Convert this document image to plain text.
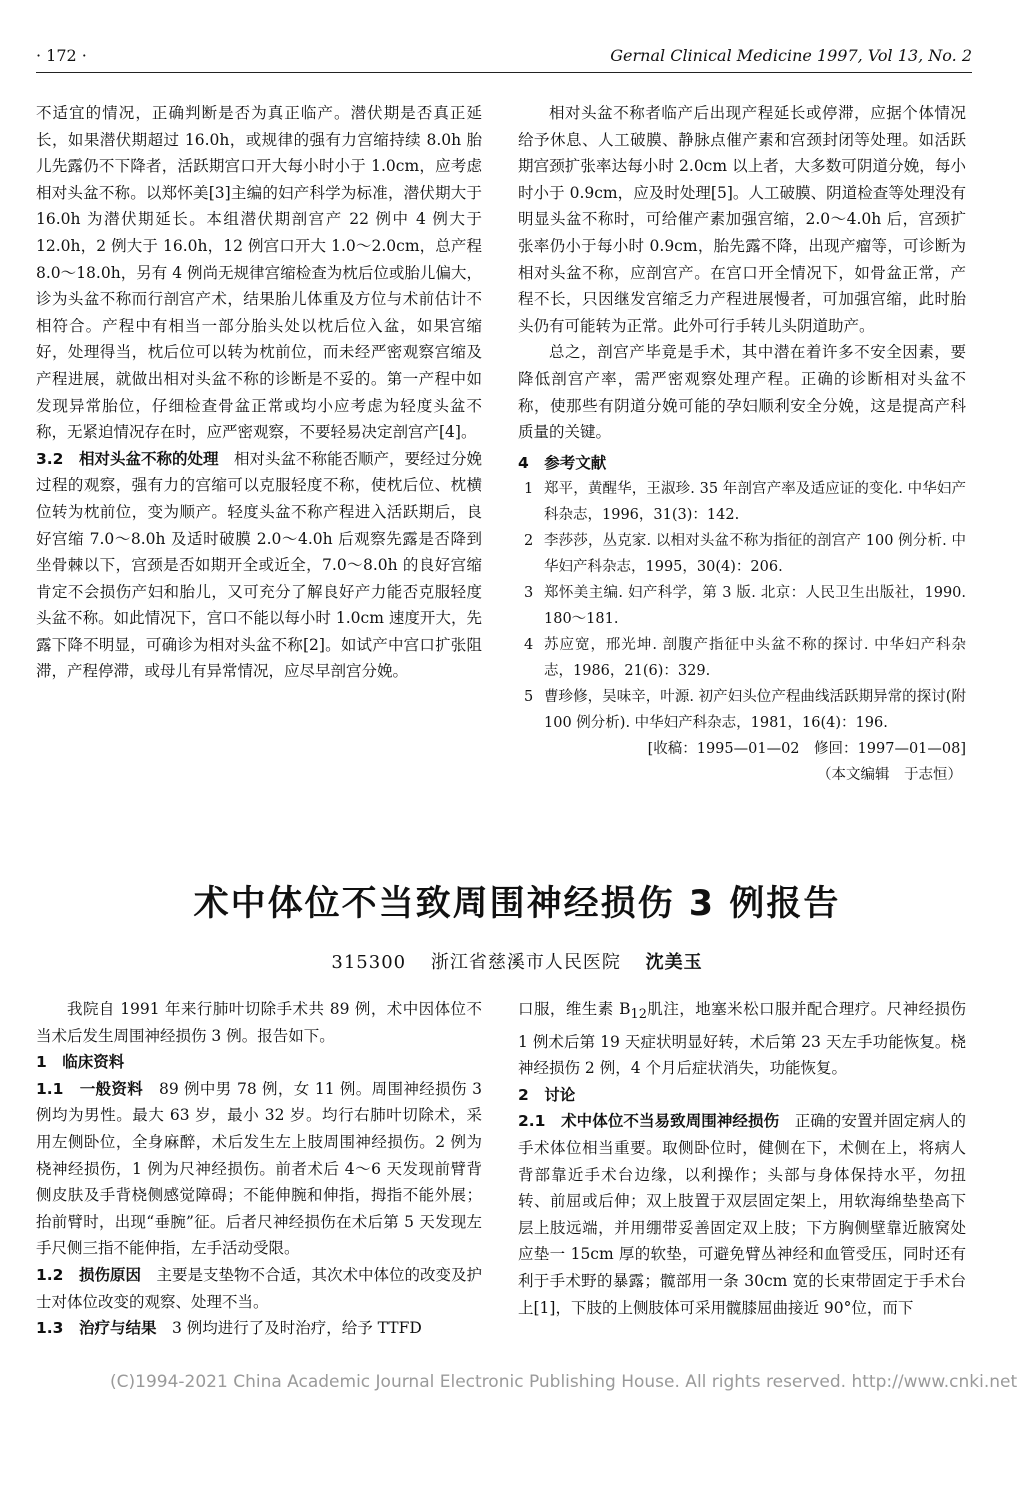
· 172 ·	Gernal Clinical Medicine 1997, Vol 13, No. 2

不适宜的情况，正确判断是否为真正临产。潜伏期是否真正延长，如果潜伏期超过 16.0h，或规律的强有力宫缩持续 8.0h 胎儿先露仍不下降者，活跃期宫口开大每小时小于 1.0cm，应考虑相对头盆不称。以郑怀美[3]主编的妇产科学为标准，潜伏期大于 16.0h 为潜伏期延长。本组潜伏期剖宫产 22 例中 4 例大于 12.0h，2 例大于 16.0h，12 例宫口开大 1.0～2.0cm，总产程 8.0～18.0h，另有 4 例尚无规律宫缩检查为枕后位或胎儿偏大，诊为头盆不称而行剖宫产术，结果胎儿体重及方位与术前估计不相符合。产程中有相当一部分胎头处以枕后位入盆，如果宫缩好，处理得当，枕后位可以转为枕前位，而未经严密观察宫缩及产程进展，就做出相对头盆不称的诊断是不妥的。第一产程中如发现异常胎位，仔细检查骨盆正常或均小应考虑为轻度头盆不称，无紧迫情况存在时，应严密观察，不要轻易决定剖宫产[4]。

3.2　相对头盆不称的处理　相对头盆不称能否顺产，要经过分娩过程的观察，强有力的宫缩可以克服轻度不称，使枕后位、枕横位转为枕前位，变为顺产。轻度头盆不称产程进入活跃期后，良好宫缩 7.0～8.0h 及适时破膜 2.0～4.0h 后观察先露是否降到坐骨棘以下，宫颈是否如期开全或近全，7.0～8.0h 的良好宫缩肯定不会损伤产妇和胎儿，又可充分了解良好产力能否克服轻度头盆不称。如此情况下，宫口不能以每小时 1.0cm 速度开大，先露下降不明显，可确诊为相对头盆不称[2]。如试产中宫口扩张阻滞，产程停滞，或母儿有异常情况，应尽早剖宫分娩。

相对头盆不称者临产后出现产程延长或停滞，应据个体情况给予休息、人工破膜、静脉点催产素和宫颈封闭等处理。如活跃期宫颈扩张率达每小时 2.0cm 以上者，大多数可阴道分娩，每小时小于 0.9cm，应及时处理[5]。人工破膜、阴道检查等处理没有明显头盆不称时，可给催产素加强宫缩，2.0～4.0h 后，宫颈扩张率仍小于每小时 0.9cm，胎先露不降，出现产瘤等，可诊断为相对头盆不称，应剖宫产。在宫口开全情况下，如骨盆正常，产程不长，只因继发宫缩乏力产程进展慢者，可加强宫缩，此时胎头仍有可能转为正常。此外可行手转儿头阴道助产。

总之，剖宫产毕竟是手术，其中潜在着许多不安全因素，要降低剖宫产率，需严密观察处理产程。正确的诊断相对头盆不称，使那些有阴道分娩可能的孕妇顺利安全分娩，这是提高产科质量的关键。

4　参考文献

1 郑平，黄醒华，王淑珍. 35 年剖宫产率及适应证的变化. 中华妇产科杂志，1996，31(3)：142.
2 李莎莎，丛克家. 以相对头盆不称为指征的剖宫产 100 例分析. 中华妇产科杂志，1995，30(4)：206.
3 郑怀美主编. 妇产科学，第 3 版. 北京：人民卫生出版社，1990. 180～181.
4 苏应宽，邢光坤. 剖腹产指征中头盆不称的探讨. 中华妇产科杂志，1986，21(6)：329.
5 曹珍修，吴味辛，叶源. 初产妇头位产程曲线活跃期异常的探讨(附 100 例分析). 中华妇产科杂志，1981，16(4)：196.
[收稿：1995—01—02　修回：1997—01—08]
（本文编辑　于志恒）
术中体位不当致周围神经损伤 3 例报告
315300 浙江省慈溪市人民医院 沈美玉

我院自 1991 年来行肺叶切除手术共 89 例，术中因体位不当术后发生周围神经损伤 3 例。报告如下。

1　临床资料

1.1　一般资料　89 例中男 78 例，女 11 例。周围神经损伤 3 例均为男性。最大 63 岁，最小 32 岁。均行右肺叶切除术，采用左侧卧位，全身麻醉，术后发生左上肢周围神经损伤。2 例为桡神经损伤，1 例为尺神经损伤。前者术后 4～6 天发现前臂背侧皮肤及手背桡侧感觉障碍；不能伸腕和伸指，拇指不能外展；抬前臂时，出现“垂腕”征。后者尺神经损伤在术后第 5 天发现左手尺侧三指不能伸指，左手活动受限。

1.2　损伤原因　主要是支垫物不合适，其次术中体位的改变及护士对体位改变的观察、处理不当。

1.3　治疗与结果　3 例均进行了及时治疗，给予 TTFD

口服，维生素 $B_{12}$肌注，地塞米松口服并配合理疗。尺神经损伤 1 例术后第 19 天症状明显好转，术后第 23 天左手功能恢复。桡神经损伤 2 例，4 个月后症状消失，功能恢复。

2　讨论

2.1　术中体位不当易致周围神经损伤　正确的安置并固定病人的手术体位相当重要。取侧卧位时，健侧在下，术侧在上，将病人背部靠近手术台边缘，以利操作；头部与身体保持水平，勿扭转、前屈或后伸；双上肢置于双层固定架上，用软海绵垫垫高下层上肢远端，并用绷带妥善固定双上肢；下方胸侧壁靠近腋窝处应垫一 15cm 厚的软垫，可避免臂丛神经和血管受压，同时还有利于手术野的暴露；髋部用一条 30cm 宽的长束带固定于手术台上[1]，下肢的上侧肢体可采用髋膝屈曲接近 90°位，而下

(C)1994-2021 China Academic Journal Electronic Publishing House. All rights reserved. http://www.cnki.net
